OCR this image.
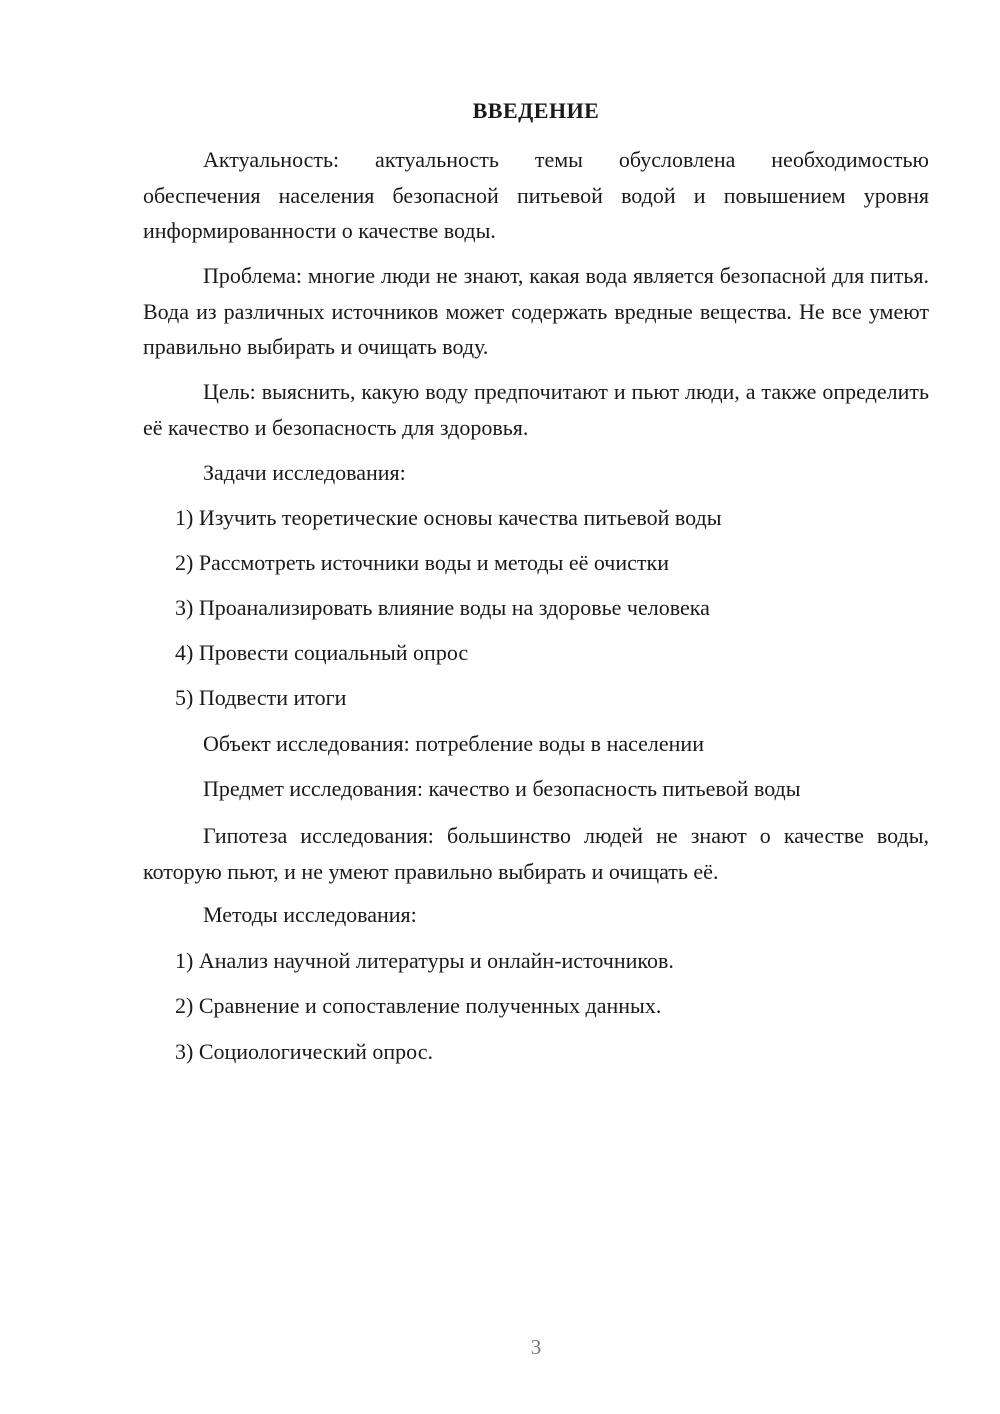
ВВЕДЕНИЕ

Актуальность: актуальность темы обусловлена необходимостью обеспечения населения безопасной питьевой водой и повышением уровня информированности о качестве воды.

Проблема: многие люди не знают, какая вода является безопасной для питья. Вода из различных источников может содержать вредные вещества. Не все умеют правильно выбирать и очищать воду.

Цель: выяснить, какую воду предпочитают и пьют люди, а также определить её качество и безопасность для здоровья.

Задачи исследования:
1) Изучить теоретические основы качества питьевой воды
2) Рассмотреть источники воды и методы её очистки
3) Проанализировать влияние воды на здоровье человека
4) Провести социальный опрос
5) Подвести итоги
Объект исследования: потребление воды в населении
Предмет исследования: качество и безопасность питьевой воды

Гипотеза исследования: большинство людей не знают о качестве воды, которую пьют, и не умеют правильно выбирать и очищать её.

Методы исследования:
1) Анализ научной литературы и онлайн-источников.
2) Сравнение и сопоставление полученных данных.
3) Социологический опрос.
3
